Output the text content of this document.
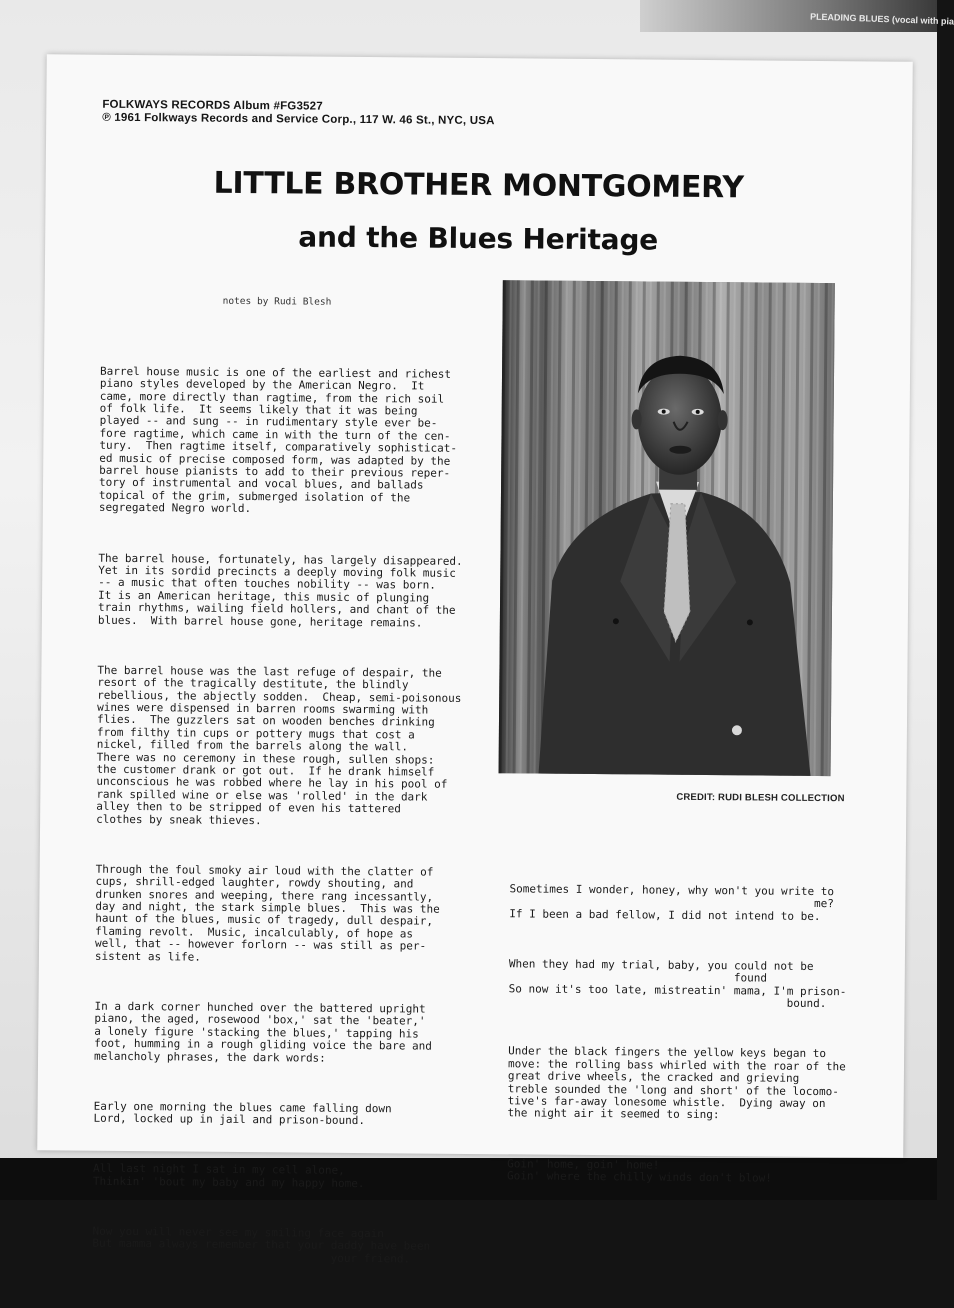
PLEADING BLUES (vocal with pia
FOLKWAYS RECORDS Album #FG3527
℗ 1961 Folkways Records and Service Corp., 117 W. 46 St., NYC, USA
LITTLE BROTHER MONTGOMERY
and the Blues Heritage
notes by Rudi Blesh
CREDIT: RUDI BLESH COLLECTION

Barrel house music is one of the earliest and richest
piano styles developed by the American Negro.  It
came, more directly than ragtime, from the rich soil
of folk life.  It seems likely that it was being
played -- and sung -- in rudimentary style ever be-
fore ragtime, which came in with the turn of the cen-
tury.  Then ragtime itself, comparatively sophisticat-
ed music of precise composed form, was adapted by the
barrel house pianists to add to their previous reper-
tory of instrumental and vocal blues, and ballads
topical of the grim, submerged isolation of the
segregated Negro world.

The barrel house, fortunately, has largely disappeared.
Yet in its sordid precincts a deeply moving folk music
-- a music that often touches nobility -- was born.
It is an American heritage, this music of plunging
train rhythms, wailing field hollers, and chant of the
blues.  With barrel house gone, heritage remains.

The barrel house was the last refuge of despair, the
resort of the tragically destitute, the blindly
rebellious, the abjectly sodden.  Cheap, semi-poisonous
wines were dispensed in barren rooms swarming with
flies.  The guzzlers sat on wooden benches drinking
from filthy tin cups or pottery mugs that cost a
nickel, filled from the barrels along the wall.
There was no ceremony in these rough, sullen shops:
the customer drank or got out.  If he drank himself
unconscious he was robbed where he lay in his pool of
rank spilled wine or else was 'rolled' in the dark
alley then to be stripped of even his tattered
clothes by sneak thieves.

Through the foul smoky air loud with the clatter of
cups, shrill-edged laughter, rowdy shouting, and
drunken snores and weeping, there rang incessantly,
day and night, the stark simple blues.  This was the
haunt of the blues, music of tragedy, dull despair,
flaming revolt.  Music, incalculably, of hope as
well, that -- however forlorn -- was still as per-
sistent as life.

In a dark corner hunched over the battered upright
piano, the aged, rosewood 'box,' sat the 'beater,'
a lonely figure 'stacking the blues,' tapping his
foot, humming in a rough gliding voice the bare and
melancholy phrases, the dark words:

Early one morning the blues came falling down
Lord, locked up in jail and prison-bound.

All last night I sat in my cell alone,
Thinkin' 'bout my baby and my happy home.

Now you will never see my smiling face again
But mamma always remember that your daddy have been
your friend.

Sometimes I wonder, honey, why won't you write to
me?
If I been a bad fellow, I did not intend to be.

When they had my trial, baby, you could not be
found
So now it's too late, mistreatin' mama, I'm prison-
bound.

Under the black fingers the yellow keys began to
move: the rolling bass whirled with the roar of the
great drive wheels, the cracked and grieving
treble sounded the 'long and short' of the locomo-
tive's far-away lonesome whistle.  Dying away on
the night air it seemed to sing:

Goin' home, goin' home!
Goin' where the chilly winds don't blow!
